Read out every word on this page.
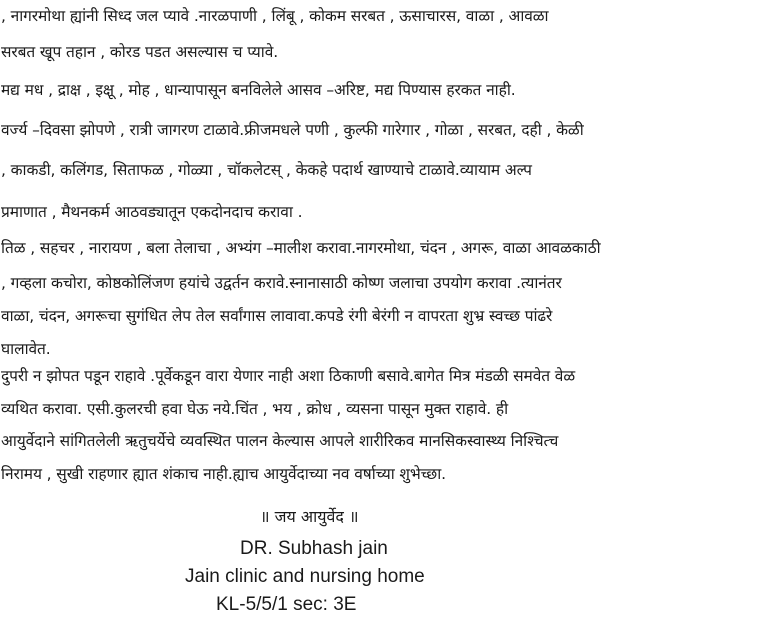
, नागरमोथा ह्यांनी सिध्द जल प्यावे .नारळपाणी , लिंबू , कोकम सरबत , ऊसाचारस, वाळा , आवळा
सरबत खूप तहान , कोरड पडत असल्यास च प्यावे.
मद्य मध , द्राक्ष , इक्षू , मोह , धान्यापासून बनविलेले आसव –अरिष्ट, मद्य पिण्यास हरकत नाही.
वर्ज्य –दिवसा झोपणे , रात्री जागरण टाळावे.फ्रीजमधले पणी , कुल्फी गारेगार , गोळा , सरबत, दही , केळी
, काकडी, कलिंगड, सिताफळ , गोळ्या , चॉकलेटस् , केकहे पदार्थ खाण्याचे टाळावे.व्यायाम अल्प
प्रमाणात , मैथनकर्म आठवड्यातून एकदोनदाच करावा .
तिळ , सहचर , नारायण , बला तेलाचा , अभ्यंग –मालीश करावा.नागरमोथा, चंदन , अगरू, वाळा आवळकाठी
, गव्हला कचोरा, कोष्ठकोलिंजण हयांचे उद्वर्तन करावे.स्नानासाठी कोष्ण जलाचा उपयोग करावा .त्यानंतर
वाळा, चंदन, अगरूचा सुगंधित लेप तेल सर्वांगास लावावा.कपडे रंगी बेरंगी न वापरता शुभ्र स्वच्छ पांढरे
घालावेत.
दुपरी न झोपत पडून राहावे .पूर्वेकडून वारा येणार नाही अशा ठिकाणी बसावे.बागेत मित्र मंडळी समवेत वेळ
व्यथित करावा. एसी.कुलरची हवा घेऊ नये.चिंत , भय , क्रोध , व्यसना पासून मुक्त राहावे. ही
आयुर्वेदाने सांगितलेली ऋतुचर्येचे व्यवस्थित पालन केल्यास आपले शारीरिकव मानसिकस्वास्थ्य निश्चित्च
निरामय , सुखी राहणार ह्यात शंकाच नाही.ह्याच आयुर्वेदाच्या नव वर्षाच्या शुभेच्छा.
॥ जय आयुर्वेद ॥
DR. Subhash jain
Jain clinic and nursing home
KL-5/5/1 sec: 3E
